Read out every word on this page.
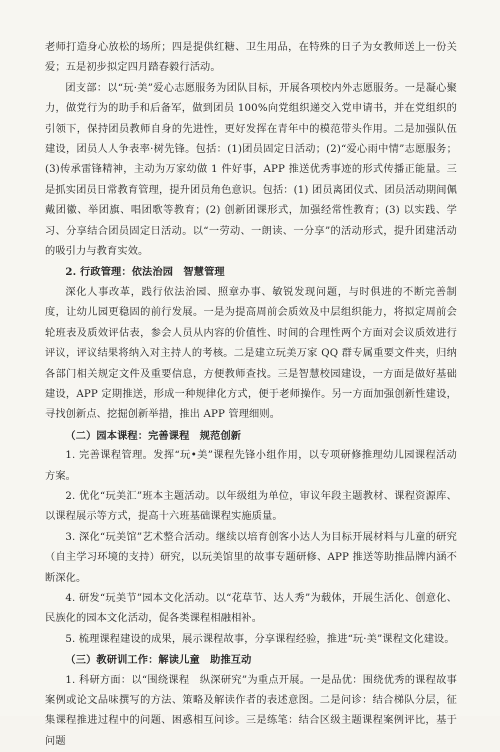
老师打造身心放松的场所；四是提供红糖、卫生用品，在特殊的日子为女教师送上一份关爱；五是初步拟定四月踏春毅行活动。

团支部：以“玩·美”爱心志愿服务为团队目标，开展各项校内外志愿服务。一是凝心聚力，做党行为的助手和后备军，做到团员 100%向党组织递交入党申请书，并在党组织的引领下，保持团员教师自身的先进性，更好发挥在青年中的模范带头作用。二是加强队伍建设，团员人人争表率·树先锋。包括：(1)团员固定日活动；(2)“爱心雨中情”志愿服务；(3)传承雷锋精神，主动为万家幼做 1 件好事，APP 推送优秀事迹的形式传播正能量。三是抓实团员日常教育管理，提升团员角色意识。包括：(1) 团员离团仪式、团员活动期间佩戴团徽、举团旗、唱团歌等教育；(2) 创新团课形式，加强经常性教育；(3) 以实践、学习、分享结合团员固定日活动。以“一劳动、一朗读、一分享”的活动形式，提升团建活动的吸引力与教育实效。

2. 行政管理：依法治园　智慧管理

深化人事改革，践行依法治园、照章办事、敏锐发现问题，与时俱进的不断完善制度，让幼儿园更稳固的前行发展。一是为提高周前会质效及中层组织能力，将拟定周前会轮班表及质效评估表，参会人员从内容的价值性、时间的合理性两个方面对会议质效进行评议，评议结果将纳入对主持人的考核。二是建立玩美万家 QQ 群专属重要文件夹，归纳各部门相关规定文件及重要信息，方便教师查找。三是智慧校园建设，一方面是做好基础建设，APP 定期推送，形成一种规律化方式，便于老师操作。另一方面加强创新性建设，寻找创新点、挖掘创新举措，推出 APP 管理细则。

（二）园本课程：完善课程　规范创新

1. 完善课程管理。发挥“玩•美”课程先锋小组作用，以专项研修推理幼儿园课程活动方案。

2. 优化“玩美汇”班本主题活动。以年级组为单位，审议年段主题教材、课程资源库、以课程展示等方式，提高十六班基础课程实施质量。

3. 深化“玩美馆”艺术整合活动。继续以培育创客小达人为目标开展材料与儿童的研究（自主学习环境的支持）研究，以玩美馆里的故事专题研修、APP 推送等助推品牌内涵不断深化。

4. 研发“玩美节”园本文化活动。以“花草节、达人秀”为载体，开展生活化、创意化、民族化的园本文化活动，促各类课程相融相补。

5. 梳理课程建设的成果，展示课程故事，分享课程经验，推进“玩·美”课程文化建设。

（三）教研训工作：解读儿童　助推互动

1. 科研方面：以“围绕课程　纵深研究”为重点开展。一是品优：围绕优秀的课程故事案例或论文品味撰写的方法、策略及解读作者的表述意图。二是问诊：结合梯队分层，征集课程推进过程中的问题、困惑相互问诊。三是练笔：结合区级主题课程案例评比，基于问题
